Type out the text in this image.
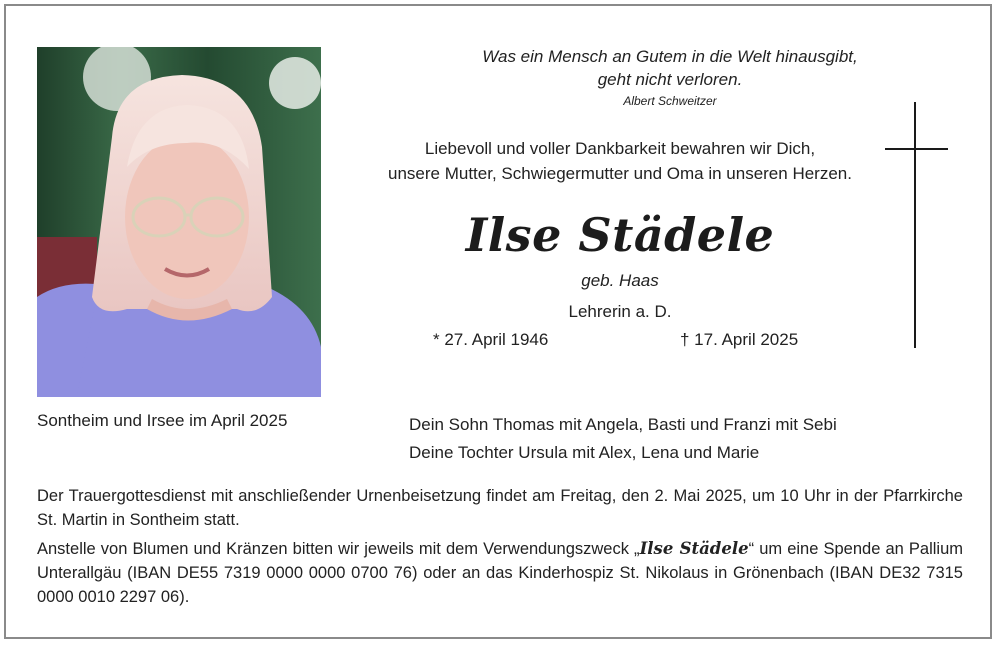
Was ein Mensch an Gutem in die Welt hinausgibt,
geht nicht verloren.
Albert Schweitzer
Liebevoll und voller Dankbarkeit bewahren wir Dich,
unsere Mutter, Schwiegermutter und Oma in unseren Herzen.
Ilse Städele
geb. Haas
Lehrerin a. D.
* 27. April 1946	† 17. April 2025
Sontheim und Irsee im April 2025	Dein Sohn Thomas mit Angela, Basti und Franzi mit Sebi
Deine Tochter Ursula mit Alex, Lena und Marie
Der Trauergottesdienst mit anschließender Urnenbeisetzung findet am Freitag, den 2. Mai 2025, um 10 Uhr in der Pfarrkirche St. Martin in Sontheim statt.
Anstelle von Blumen und Kränzen bitten wir jeweils mit dem Verwendungszweck „Ilse Städele“ um eine Spende an Pallium Unterallgäu (IBAN DE55 7319 0000 0000 0700 76) oder an das Kinderhospiz St. Nikolaus in Grönenbach (IBAN DE32 7315 0000 0010 2297 06).
